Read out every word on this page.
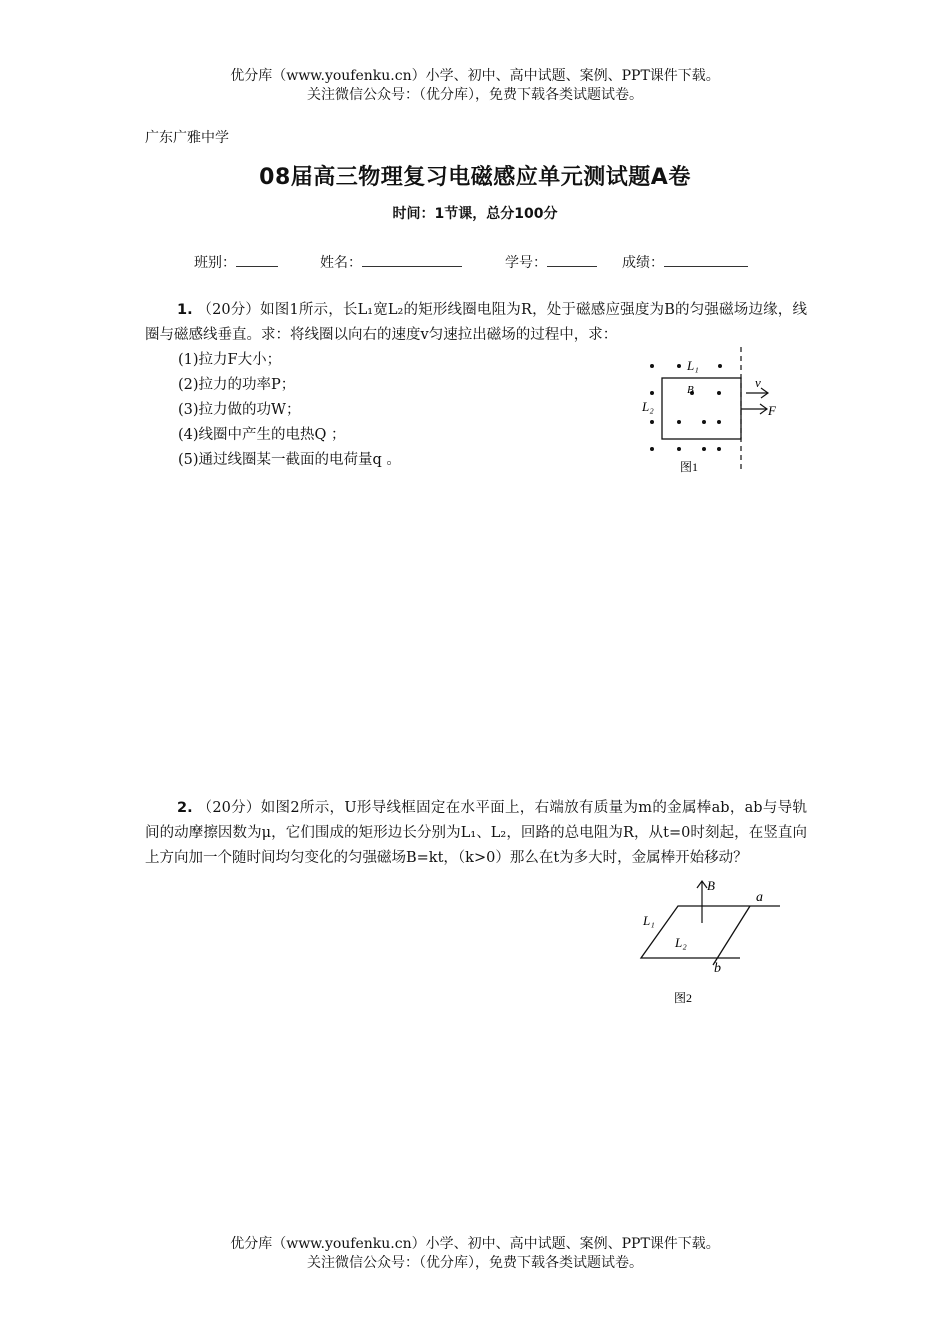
优分库（www.youfenku.cn）小学、初中、高中试题、案例、PPT课件下载。
关注微信公众号：（优分库），免费下载各类试题试卷。
广东广雅中学
08届高三物理复习电磁感应单元测试题A卷
时间：1节课，总分100分
班别：	姓名：	学号：	成绩：
1. （20分）如图1所示，长L₁宽L₂的矩形线圈电阻为R，处于磁感应强度为B的匀强磁场边缘，线圈与磁感线垂直。求：将线圈以向右的速度v匀速拉出磁场的过程中，求：
(1)拉力F大小；
(2)拉力的功率P；
(3)拉力做的功W；
(4)线圈中产生的电热Q ；
(5)通过线圈某一截面的电荷量q 。
L₁
L₂
B	v
F
图1
2. （20分）如图2所示，U形导线框固定在水平面上，右端放有质量为m的金属棒ab，ab与导轨间的动摩擦因数为μ，它们围成的矩形边长分别为L₁、L₂，回路的总电阻为R，从t=0时刻起，在竖直向上方向加一个随时间均匀变化的匀强磁场B=kt，（k>0）那么在t为多大时，金属棒开始移动？
B
a
b
L₁
L₂
图2
优分库（www.youfenku.cn）小学、初中、高中试题、案例、PPT课件下载。
关注微信公众号：（优分库），免费下载各类试题试卷。
